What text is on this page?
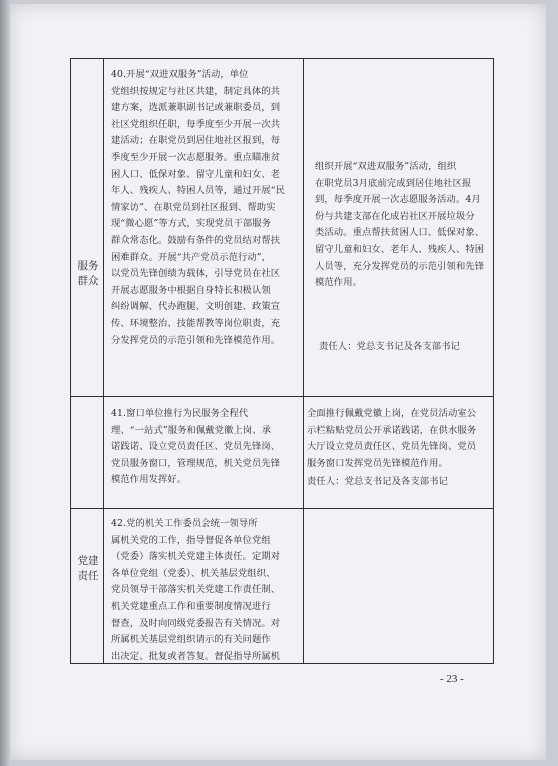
服务群众
党建责任
40.开展“双进双服务”活动，单位
党组织按规定与社区共建，制定具体的共
建方案，选派兼职副书记或兼职委员，到
社区党组织任职，每季度至少开展一次共
建活动；在职党员到居住地社区报到，每
季度至少开展一次志愿服务。重点瞄准贫
困人口、低保对象、留守儿童和妇女、老
年人、残疾人、特困人员等，通过开展“民
情家访”、在职党员到社区报到、帮助实
现“微心愿”等方式，实现党员干部服务
群众常态化。鼓励有条件的党员结对帮扶
困难群众。开展“共产党员示范行动”，
以党员先锋创绩为载体，引导党员在社区
开展志愿服务中根据自身特长积极认领
纠纷调解、代办跑腿、文明创建、政策宣
传、环境整治、技能帮教等岗位职责，充
分发挥党员的示范引领和先锋模范作用。
组织开展“双进双服务”活动，组织
在职党员3月底前完成到居住地社区报
到，每季度开展一次志愿服务活动。4月
份与共建支部在化成岩社区开展垃圾分
类活动。重点帮扶贫困人口、低保对象、
留守儿童和妇女、老年人、残疾人、特困
人员等，充分发挥党员的示范引领和先锋
模范作用。
责任人：党总支书记及各支部书记
41.窗口单位推行为民服务全程代
理、“一站式”服务和佩戴党徽上岗、承
诺践诺、设立党员责任区、党员先锋岗、
党员服务窗口，管理规范，机关党员先锋
模范作用发挥好。
全面推行佩戴党徽上岗，在党员活动室公
示栏粘贴党员公开承诺践诺，在供水服务
大厅设立党员责任区、党员先锋岗、党员
服务窗口发挥党员先锋模范作用。
责任人：党总支书记及各支部书记
42.党的机关工作委员会统一领导所
属机关党的工作，指导督促各单位党组
（党委）落实机关党建主体责任。定期对
各单位党组（党委）、机关基层党组织、
党员领导干部落实机关党建工作责任制、
机关党建重点工作和重要制度情况进行
督查，及时向同级党委报告有关情况。对
所属机关基层党组织请示的有关问题作
出决定、批复或者答复。督促指导所属机
- 23 -
